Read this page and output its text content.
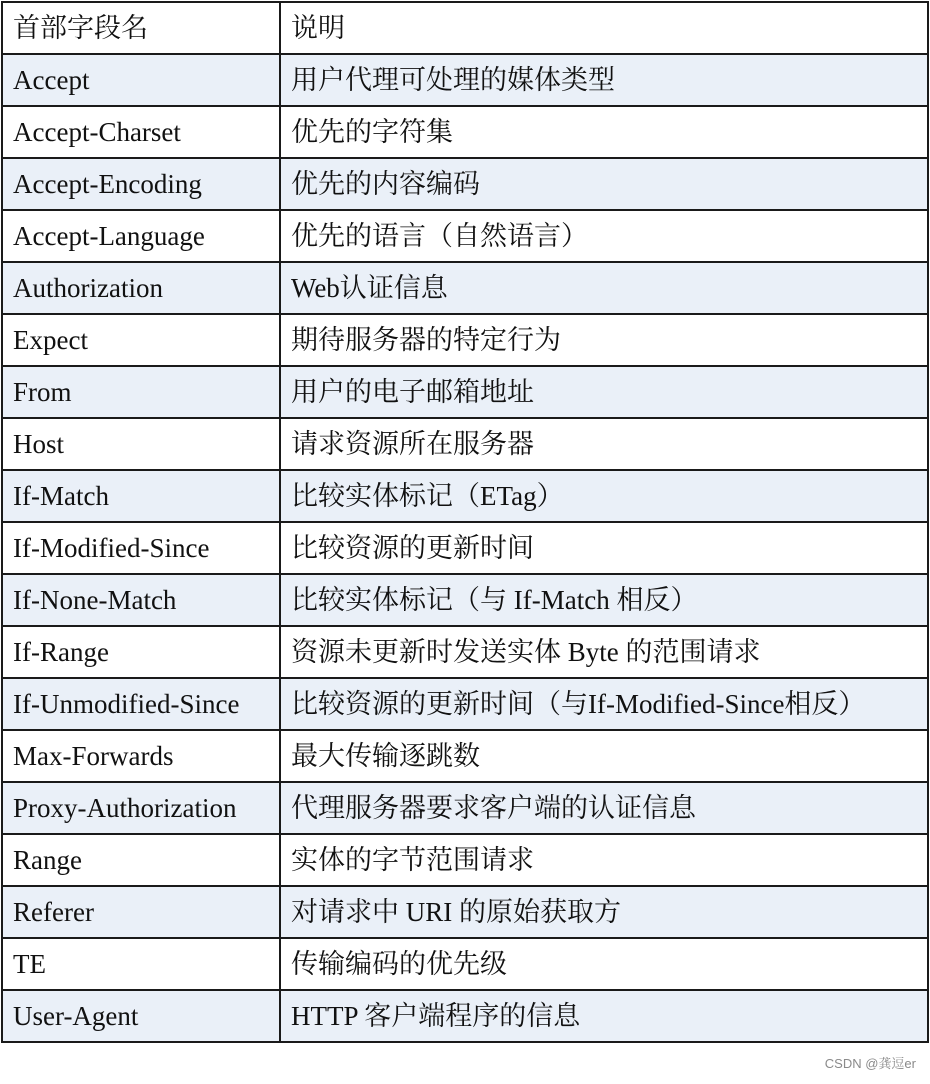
首部字段名	说明
Accept	用户代理可处理的媒体类型
Accept-Charset	优先的字符集
Accept-Encoding	优先的内容编码
Accept-Language	优先的语言（自然语言）
Authorization	Web认证信息
Expect	期待服务器的特定行为
From	用户的电子邮箱地址
Host	请求资源所在服务器
If-Match	比较实体标记（ETag）
If-Modified-Since	比较资源的更新时间
If-None-Match	比较实体标记（与 If-Match 相反）
If-Range	资源未更新时发送实体 Byte 的范围请求
If-Unmodified-Since	比较资源的更新时间（与If-Modified-Since相反）
Max-Forwards	最大传输逐跳数
Proxy-Authorization	代理服务器要求客户端的认证信息
Range	实体的字节范围请求
Referer	对请求中 URI 的原始获取方
TE	传输编码的优先级
User-Agent	HTTP 客户端程序的信息
CSDN @龚逗er
